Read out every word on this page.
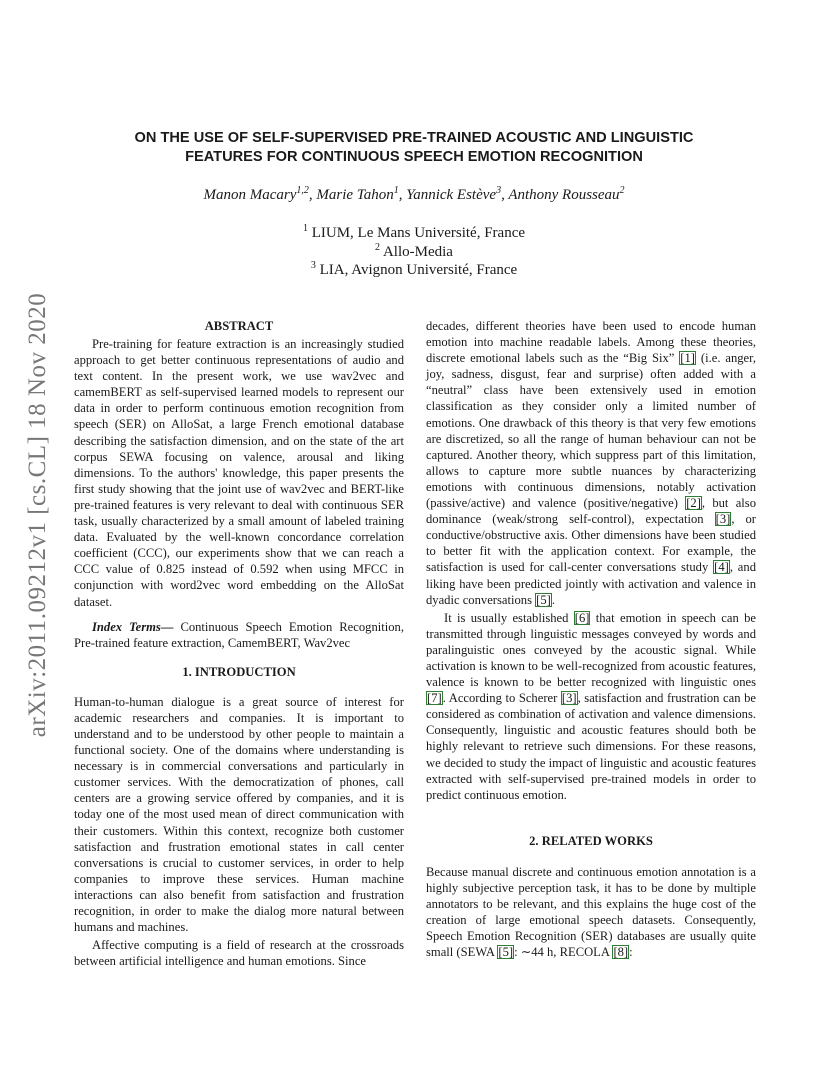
arXiv:2011.09212v1 [cs.CL] 18 Nov 2020
ON THE USE OF SELF-SUPERVISED PRE-TRAINED ACOUSTIC AND LINGUISTIC
FEATURES FOR CONTINUOUS SPEECH EMOTION RECOGNITION
Manon Macary$^{1,2}$, Marie Tahon$^1$, Yannick Estève$^3$, Anthony Rousseau$^2$
$^1$ LIUM, Le Mans Université, France
$^2$ Allo-Media
$^3$ LIA, Avignon Université, France
ABSTRACT

Pre-training for feature extraction is an increasingly studied approach to get better continuous representations of audio and text content. In the present work, we use wav2vec and camemBERT as self-supervised learned models to represent our data in order to perform continuous emotion recognition from speech (SER) on AlloSat, a large French emotional database describing the satisfaction dimension, and on the state of the art corpus SEWA focusing on valence, arousal and liking dimensions. To the authors' knowledge, this paper presents the first study showing that the joint use of wav2vec and BERT-like pre-trained features is very relevant to deal with continuous SER task, usually characterized by a small amount of labeled training data. Evaluated by the well-known concordance correlation coefficient (CCC), our experiments show that we can reach a CCC value of 0.825 instead of 0.592 when using MFCC in conjunction with word2vec word embedding on the AlloSat dataset.

Index Terms— Continuous Speech Emotion Recognition, Pre-trained feature extraction, CamemBERT, Wav2vec

1. INTRODUCTION

Human-to-human dialogue is a great source of interest for academic researchers and companies. It is important to understand and to be understood by other people to maintain a functional society. One of the domains where understanding is necessary is in commercial conversations and particularly in customer services. With the democratization of phones, call centers are a growing service offered by companies, and it is today one of the most used mean of direct communication with their customers. Within this context, recognize both customer satisfaction and frustration emotional states in call center conversations is crucial to customer services, in order to help companies to improve these services. Human machine interactions can also benefit from satisfaction and frustration recognition, in order to make the dialog more natural between humans and machines.

Affective computing is a field of research at the crossroads between artificial intelligence and human emotions. Since

decades, different theories have been used to encode human emotion into machine readable labels. Among these theories, discrete emotional labels such as the “Big Six” [1] (i.e. anger, joy, sadness, disgust, fear and surprise) often added with a “neutral” class have been extensively used in emotion classification as they consider only a limited number of emotions. One drawback of this theory is that very few emotions are discretized, so all the range of human behaviour can not be captured. Another theory, which suppress part of this limitation, allows to capture more subtle nuances by characterizing emotions with continuous dimensions, notably activation (passive/active) and valence (positive/negative) [2], but also dominance (weak/strong self-control), expectation [3], or conductive/obstructive axis. Other dimensions have been studied to better fit with the application context. For example, the satisfaction is used for call-center conversations study [4], and liking have been predicted jointly with activation and valence in dyadic conversations [5].

It is usually established [6] that emotion in speech can be transmitted through linguistic messages conveyed by words and paralinguistic ones conveyed by the acoustic signal. While activation is known to be well-recognized from acoustic features, valence is known to be better recognized with linguistic ones [7]. According to Scherer [3], satisfaction and frustration can be considered as combination of activation and valence dimensions. Consequently, linguistic and acoustic features should both be highly relevant to retrieve such dimensions. For these reasons, we decided to study the impact of linguistic and acoustic features extracted with self-supervised pre-trained models in order to predict continuous emotion.

2. RELATED WORKS

Because manual discrete and continuous emotion annotation is a highly subjective perception task, it has to be done by multiple annotators to be relevant, and this explains the huge cost of the creation of large emotional speech datasets. Consequently, Speech Emotion Recognition (SER) databases are usually quite small (SEWA [5]: ∼44 h, RECOLA [8]:
